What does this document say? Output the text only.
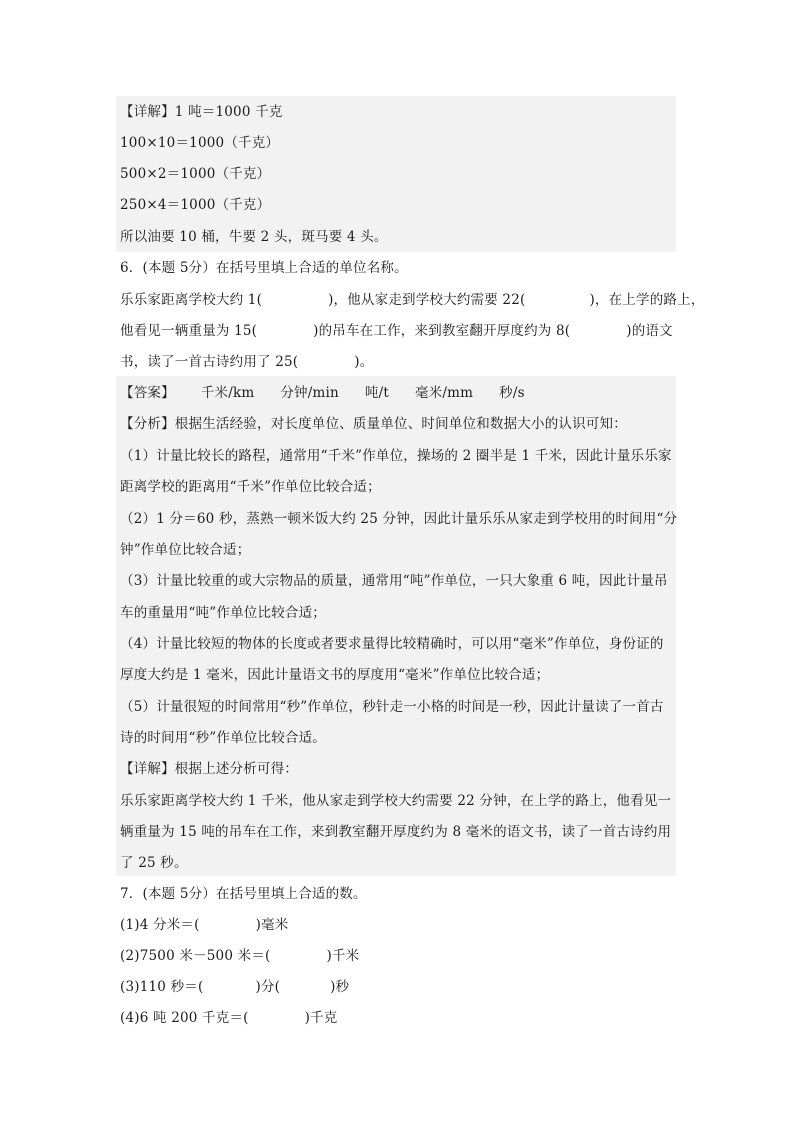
【详解】1 吨＝1000 千克
100×10＝1000（千克）
500×2＝1000（千克）
250×4＝1000（千克）
所以油要 10 桶，牛要 2 头，斑马要 4 头。
6．(本题 5分）在括号里填上合适的单位名称。
乐乐家距离学校大约 1(	)，他从家走到学校大约需要 22(	)，在上学的路上，
他看见一辆重量为 15(	)的吊车在工作，来到教室翻开厚度约为 8(	)的语文
书，读了一首古诗约用了 25(	)。
【答案】 千米/km 分钟/min 吨/t 毫米/mm 秒/s
【分析】根据生活经验，对长度单位、质量单位、时间单位和数据大小的认识可知：
（1）计量比较长的路程，通常用“千米”作单位，操场的 2 圈半是 1 千米，因此计量乐乐家
距离学校的距离用“千米”作单位比较合适；
（2）1 分＝60 秒，蒸熟一顿米饭大约 25 分钟，因此计量乐乐从家走到学校用的时间用“分
钟”作单位比较合适；
（3）计量比较重的或大宗物品的质量，通常用“吨”作单位，一只大象重 6 吨，因此计量吊
车的重量用“吨”作单位比较合适；
（4）计量比较短的物体的长度或者要求量得比较精确时，可以用“毫米”作单位，身份证的
厚度大约是 1 毫米，因此计量语文书的厚度用“毫米”作单位比较合适；
（5）计量很短的时间常用“秒”作单位，秒针走一小格的时间是一秒，因此计量读了一首古
诗的时间用“秒”作单位比较合适。
【详解】根据上述分析可得：
乐乐家距离学校大约 1 千米，他从家走到学校大约需要 22 分钟，在上学的路上，他看见一
辆重量为 15 吨的吊车在工作，来到教室翻开厚度约为 8 毫米的语文书，读了一首古诗约用
了 25 秒。
7．(本题 5分）在括号里填上合适的数。
(1)4 分米＝(	)毫米
(2)7500 米－500 米＝(	)千米
(3)110 秒＝(	)分(	)秒
(4)6 吨 200 千克＝(	)千克
